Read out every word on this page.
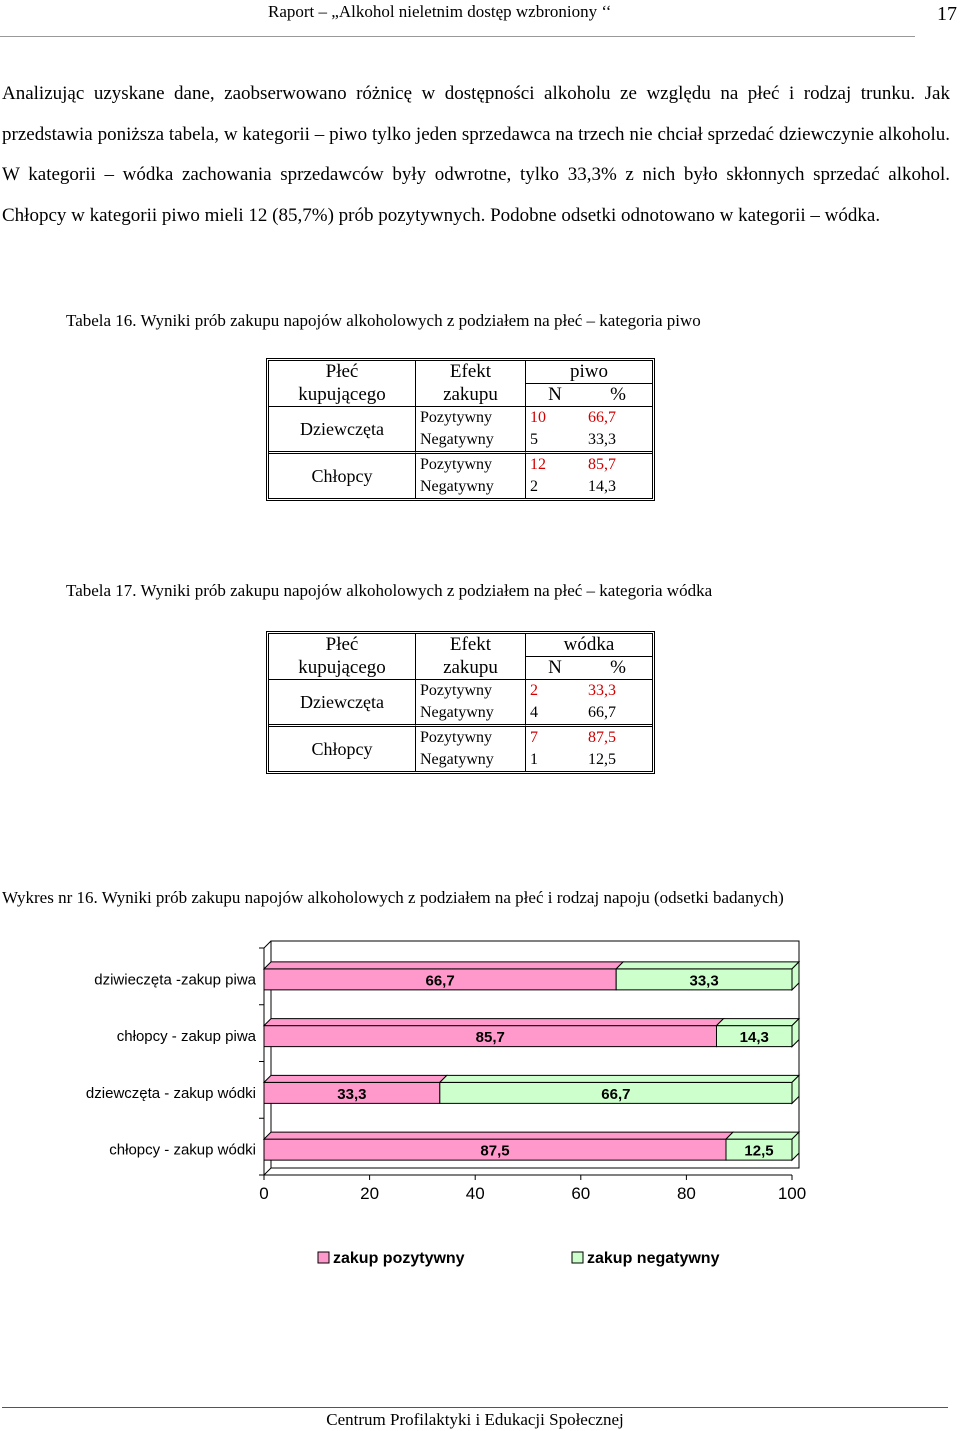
Raport – „Alkohol nieletnim dostęp wzbroniony ‘‘	17

Analizując uzyskane dane, zaobserwowano różnicę w dostępności alkoholu ze względu na płeć i rodzaj trunku. Jak przedstawia poniższa tabela, w kategorii – piwo tylko jeden sprzedawca na trzech nie chciał sprzedać dziewczynie alkoholu. W kategorii – wódka zachowania sprzedawców były odwrotne, tylko 33,3% z nich było skłonnych sprzedać alkohol. Chłopcy w kategorii piwo mieli 12 (85,7%) prób pozytywnych. Podobne odsetki odnotowano w kategorii – wódka.

Tabela 16. Wyniki prób zakupu napojów alkoholowych z podziałem na płeć – kategoria piwo

Płeć	Efekt	piwo	
kupującego	zakupu	N	%
Dziewczęta	Pozytywny	10	66,7
	Negatywny	5	33,3
Chłopcy	Pozytywny	12	85,7
	Negatywny	2	14,3

Tabela 17. Wyniki prób zakupu napojów alkoholowych z podziałem na płeć – kategoria wódka

Płeć	Efekt	wódka	
kupującego	zakupu	N	%
Dziewczęta	Pozytywny	2	33,3
	Negatywny	4	66,7
Chłopcy	Pozytywny	7	87,5
	Negatywny	1	12,5

Wykres nr 16. Wyniki prób zakupu napojów alkoholowych z podziałem na płeć i rodzaj napoju (odsetki badanych)

dziwieczęta -zakup piwa	66,7	33,3
chłopcy - zakup piwa	85,7	14,3
dziewczęta - zakup wódki	33,3	66,7
chłopcy - zakup wódki	87,5	12,5
0	20	40	60	80	100
zakup pozytywny	zakup negatywny
Centrum Profilaktyki i Edukacji Społecznej
